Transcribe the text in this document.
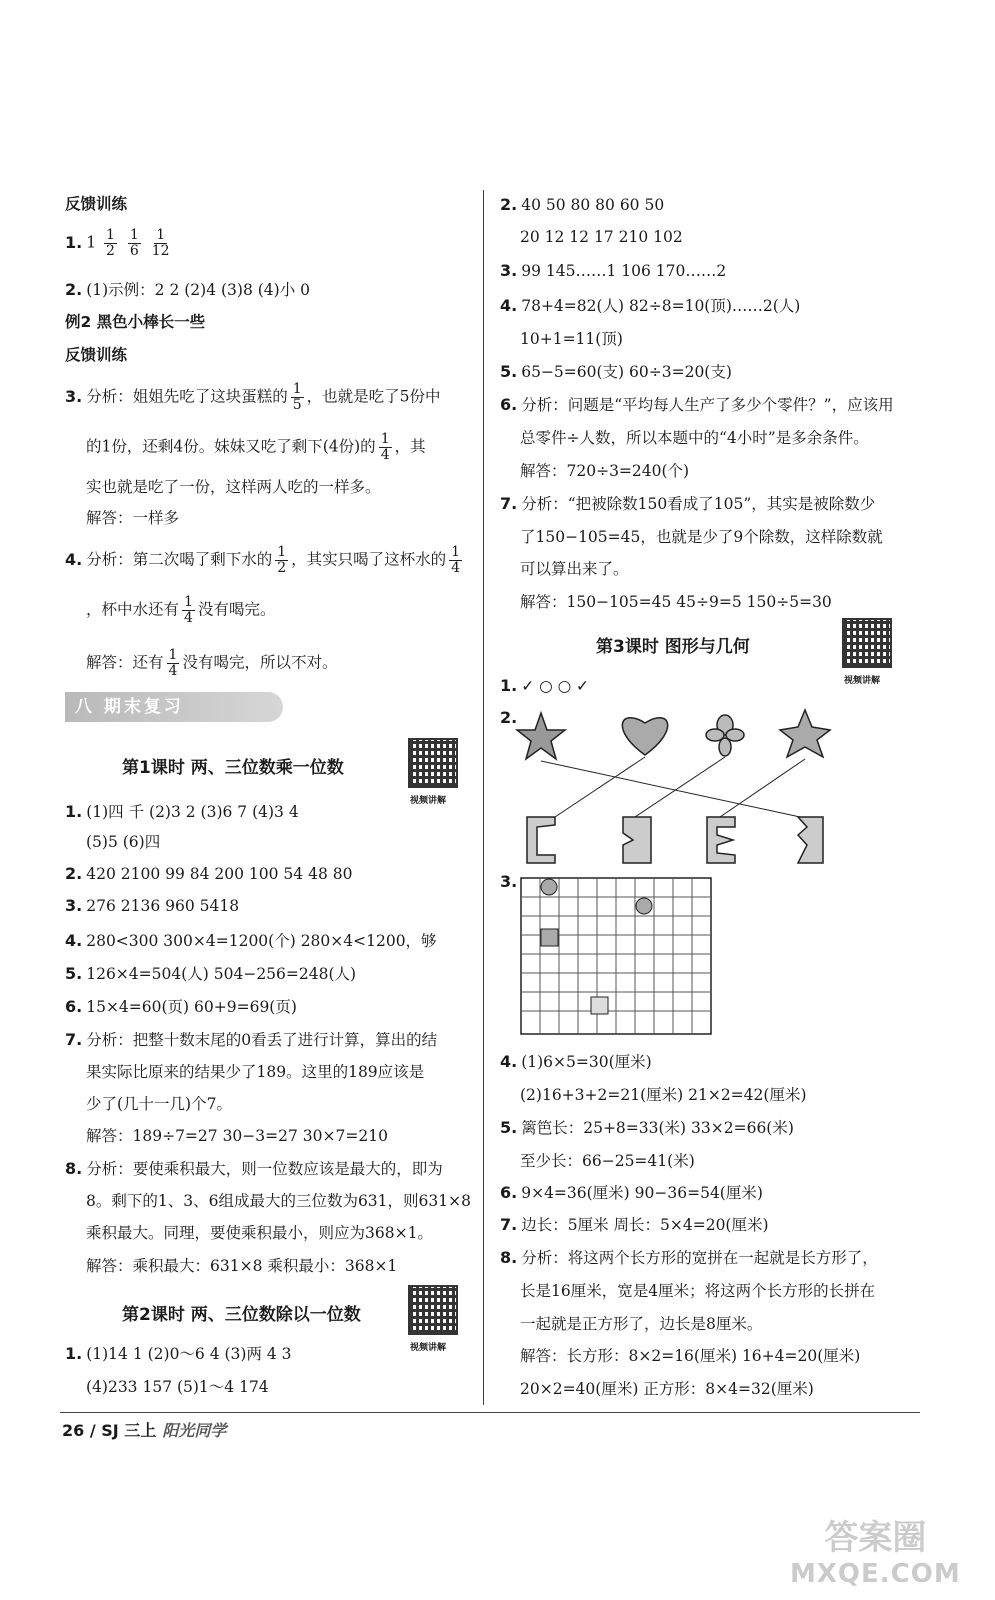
反馈训练
1. $1 \frac{1}{2}$
$\frac{1}{6}$
$\frac{1}{12}$
2. (1)示例：2 2 (2)4 (3)8 (4)小 0
例2 黑色小棒长一些
反馈训练
3. 分析：姐姐先吃了这块蛋糕的 $\frac{1}{5}$ ，也就是吃了5份中
的1份，还剩4份。妹妹又吃了剩下(4份)的 $\frac{1}{4}$ ，其
实也就是吃了一份，这样两人吃的一样多。
解答：一样多
4. 分析：第二次喝了剩下水的 $\frac{1}{2}$ ，其实只喝了这杯水的 $\frac{1}{4}$
，杯中水还有 $\frac{1}{4}$ 没有喝完。
解答：还有 $\frac{1}{4}$ 没有喝完，所以不对。
八 期末复习
第1课时 两、三位数乘一位数
视频讲解
1. (1)四 千 (2)3 2 (3)6 7 (4)3 4
(5)5 (6)四
2. 420 2100 99 84 200 100 54 48 80
3. 276 2136 960 5418
4. 280<300 300×4=1200(个) 280×4<1200，够
5. 126×4=504(人) 504−256=248(人)
6. 15×4=60(页) 60+9=69(页)
7. 分析：把整十数末尾的0看丢了进行计算，算出的结
果实际比原来的结果少了189。这里的189应该是
少了(几十一几)个7。
解答：189÷7=27 30−3=27 30×7=210
8. 分析：要使乘积最大，则一位数应该是最大的，即为
8。剩下的1、3、6组成最大的三位数为631，则631×8
乘积最大。同理，要使乘积最小，则应为368×1。
解答：乘积最大：631×8 乘积最小：368×1
第2课时 两、三位数除以一位数
视频讲解
1. (1)14 1 (2)0～6 4 (3)两 4 3
(4)233 157 (5)1～4 174
2. 40 50 80 80 60 50
20 12 12 17 210 102
3. 99 145……1 106 170……2
4. 78+4=82(人) 82÷8=10(顶)……2(人)
10+1=11(顶)
5. 65−5=60(支) 60÷3=20(支)
6. 分析：问题是“平均每人生产了多少个零件？”，应该用
总零件÷人数，所以本题中的“4小时”是多余条件。
解答：720÷3=240(个)
7. 分析：“把被除数150看成了105”，其实是被除数少
了150−105=45，也就是少了9个除数，这样除数就
可以算出来了。
解答：150−105=45 45÷9=5 150÷5=30
第3课时 图形与几何
视频讲解
1. ✓ ○ ○ ✓
2.
3.
4. (1)6×5=30(厘米)
(2)16+3+2=21(厘米) 21×2=42(厘米)
5. 篱笆长：25+8=33(米) 33×2=66(米)
至少长：66−25=41(米)
6. 9×4=36(厘米) 90−36=54(厘米)
7. 边长：5厘米 周长：5×4=20(厘米)
8. 分析：将这两个长方形的宽拼在一起就是长方形了，
长是16厘米，宽是4厘米；将这两个长方形的长拼在
一起就是正方形了，边长是8厘米。
解答：长方形：8×2=16(厘米) 16+4=20(厘米)
20×2=40(厘米) 正方形：8×4=32(厘米)
26 / SJ 三上 阳光同学
答案圈
MXQE.COM
